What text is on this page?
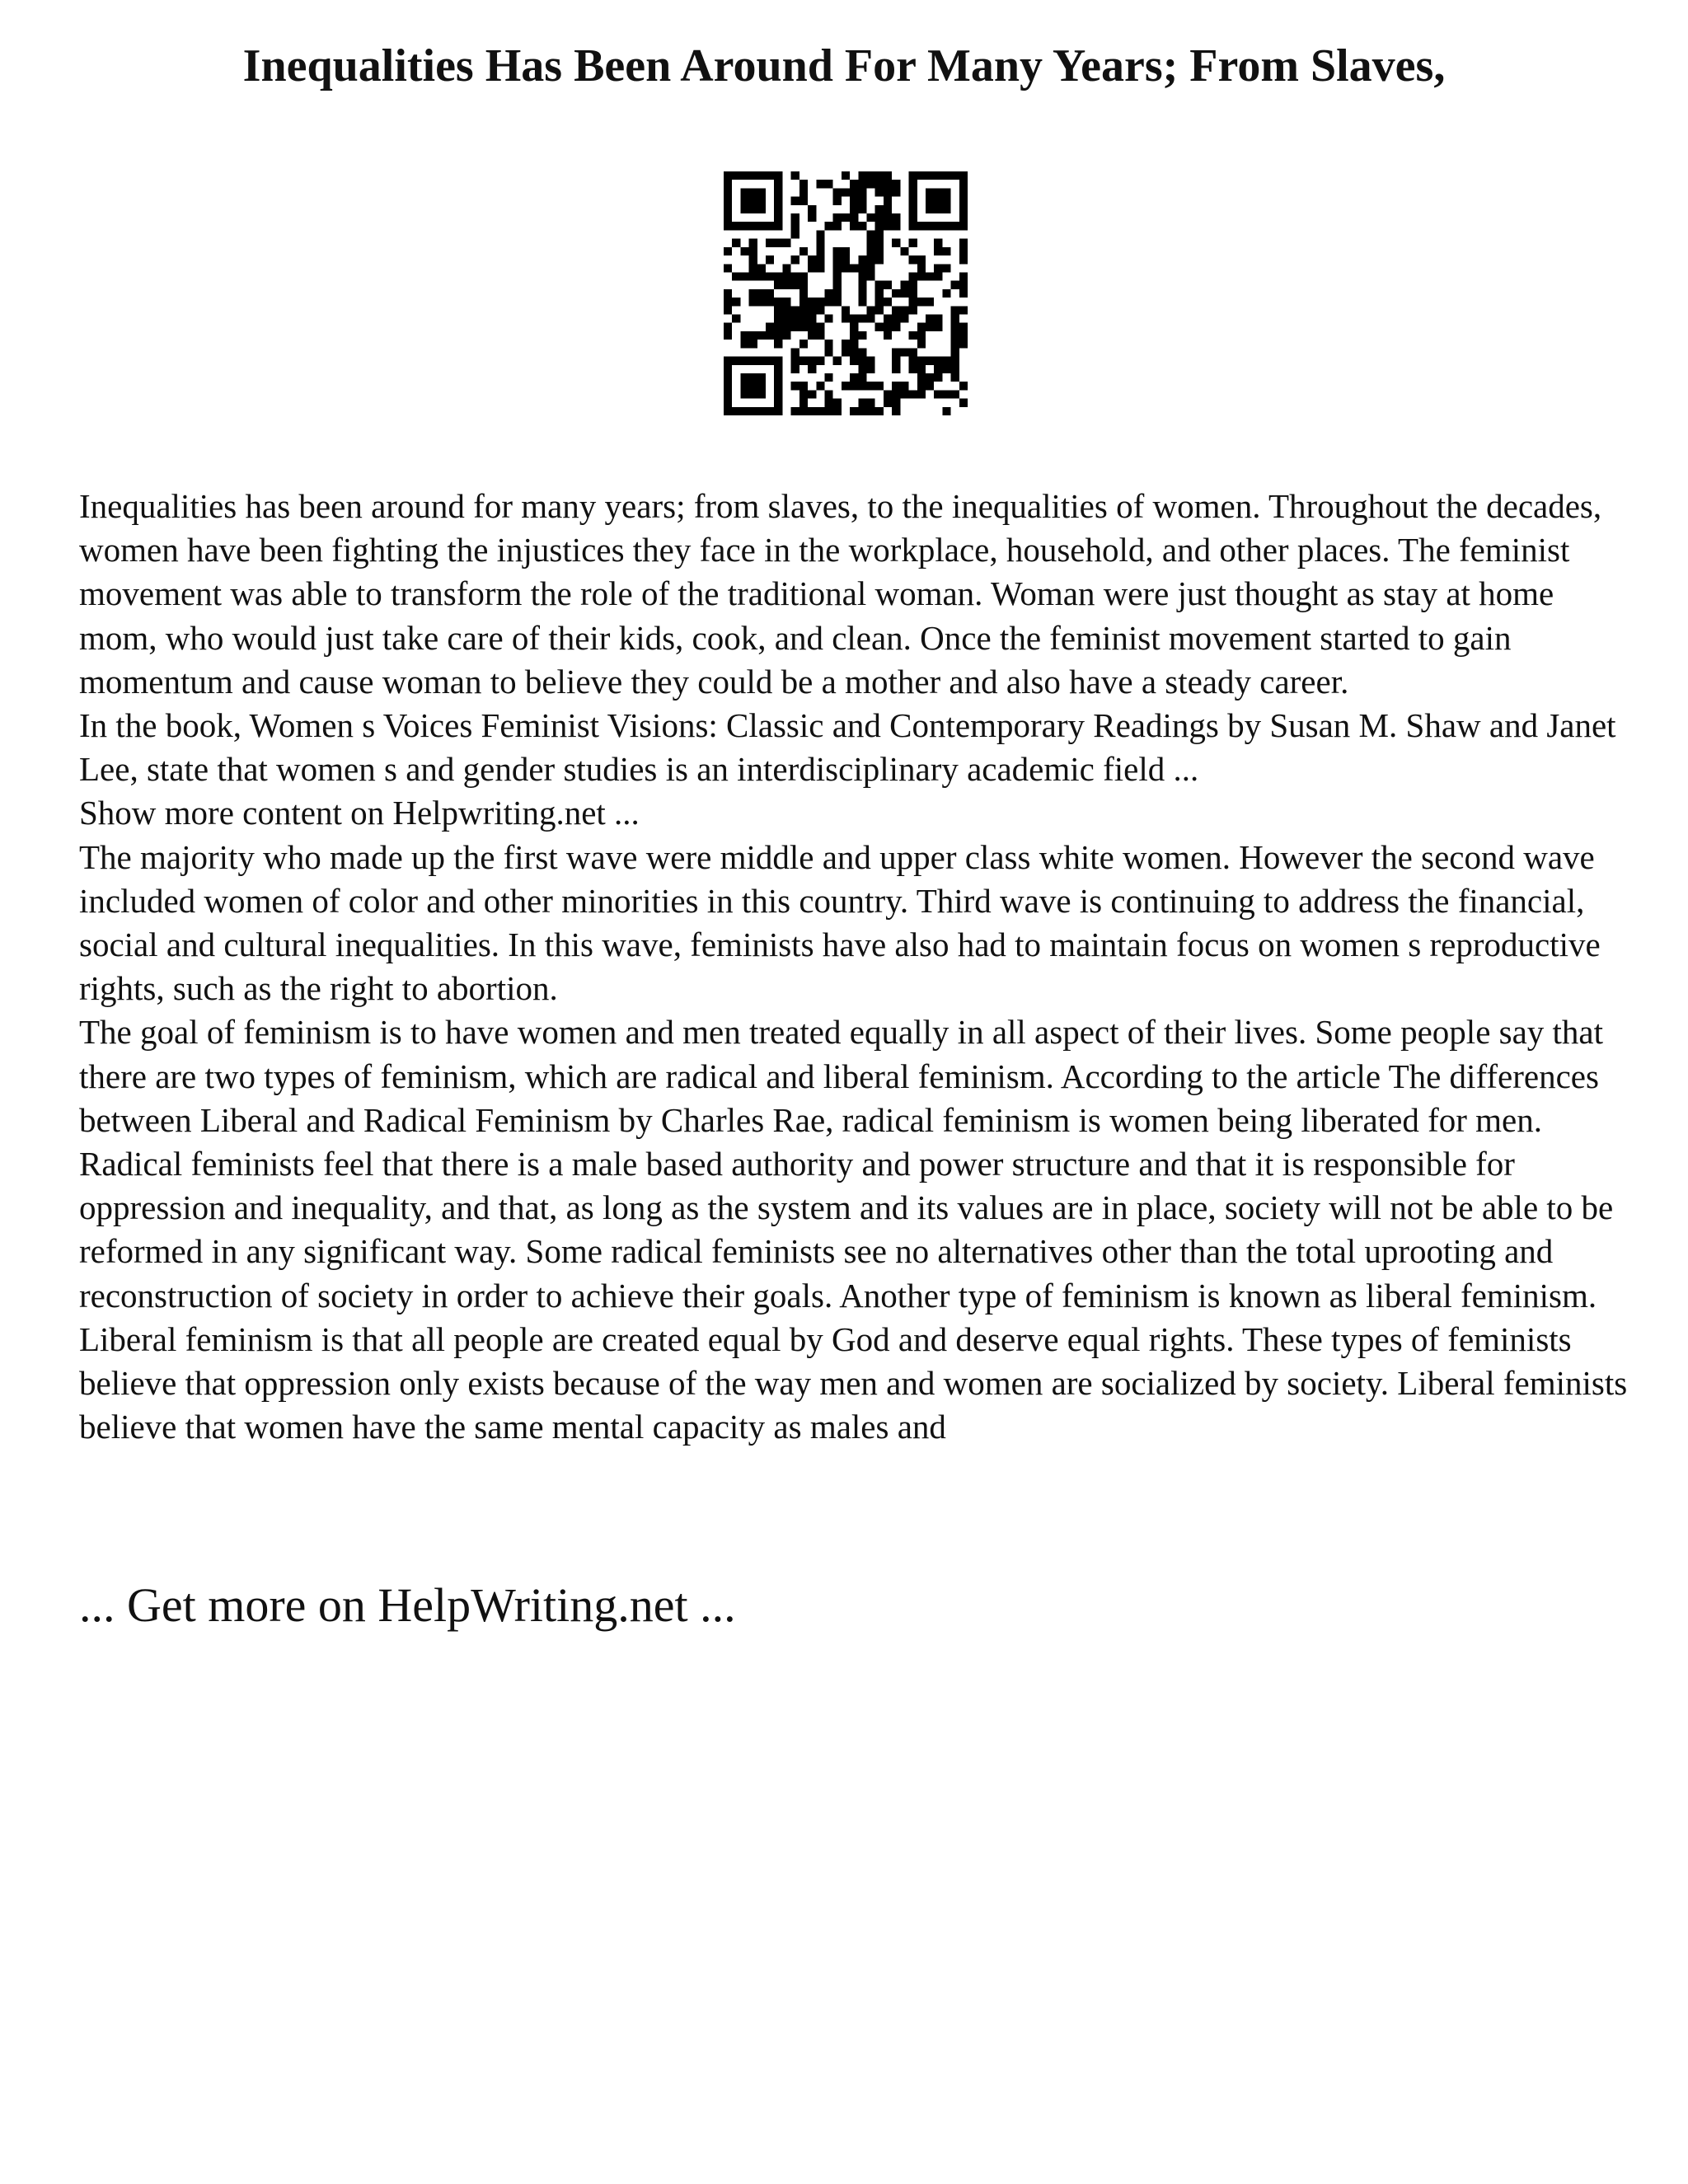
Inequalities Has Been Around For Many Years; From Slaves,

Inequalities has been around for many years; from slaves, to the inequalities of women. Throughout the decades, women have been fighting the injustices they face in the workplace, household, and other places. The feminist movement was able to transform the role of the traditional woman. Woman were just thought as stay at home mom, who would just take care of their kids, cook, and clean. Once the feminist movement started to gain momentum and cause woman to believe they could be a mother and also have a steady career.

In the book, Women s Voices Feminist Visions: Classic and Contemporary Readings by Susan M. Shaw and Janet Lee, state that women s and gender studies is an interdisciplinary academic field ...

Show more content on Helpwriting.net ...

The majority who made up the first wave were middle and upper class white women. However the second wave included women of color and other minorities in this country. Third wave is continuing to address the financial, social and cultural inequalities. In this wave, feminists have also had to maintain focus on women s reproductive rights, such as the right to abortion.

The goal of feminism is to have women and men treated equally in all aspect of their lives. Some people say that there are two types of feminism, which are radical and liberal feminism. According to the article The differences between Liberal and Radical Feminism by Charles Rae, radical feminism is women being liberated for men. Radical feminists feel that there is a male based authority and power structure and that it is responsible for oppression and inequality, and that, as long as the system and its values are in place, society will not be able to be reformed in any significant way. Some radical feminists see no alternatives other than the total uprooting and reconstruction of society in order to achieve their goals. Another type of feminism is known as liberal feminism. Liberal feminism is that all people are created equal by God and deserve equal rights. These types of feminists believe that oppression only exists because of the way men and women are socialized by society. Liberal feminists believe that women have the same mental capacity as males and

... Get more on HelpWriting.net ...
